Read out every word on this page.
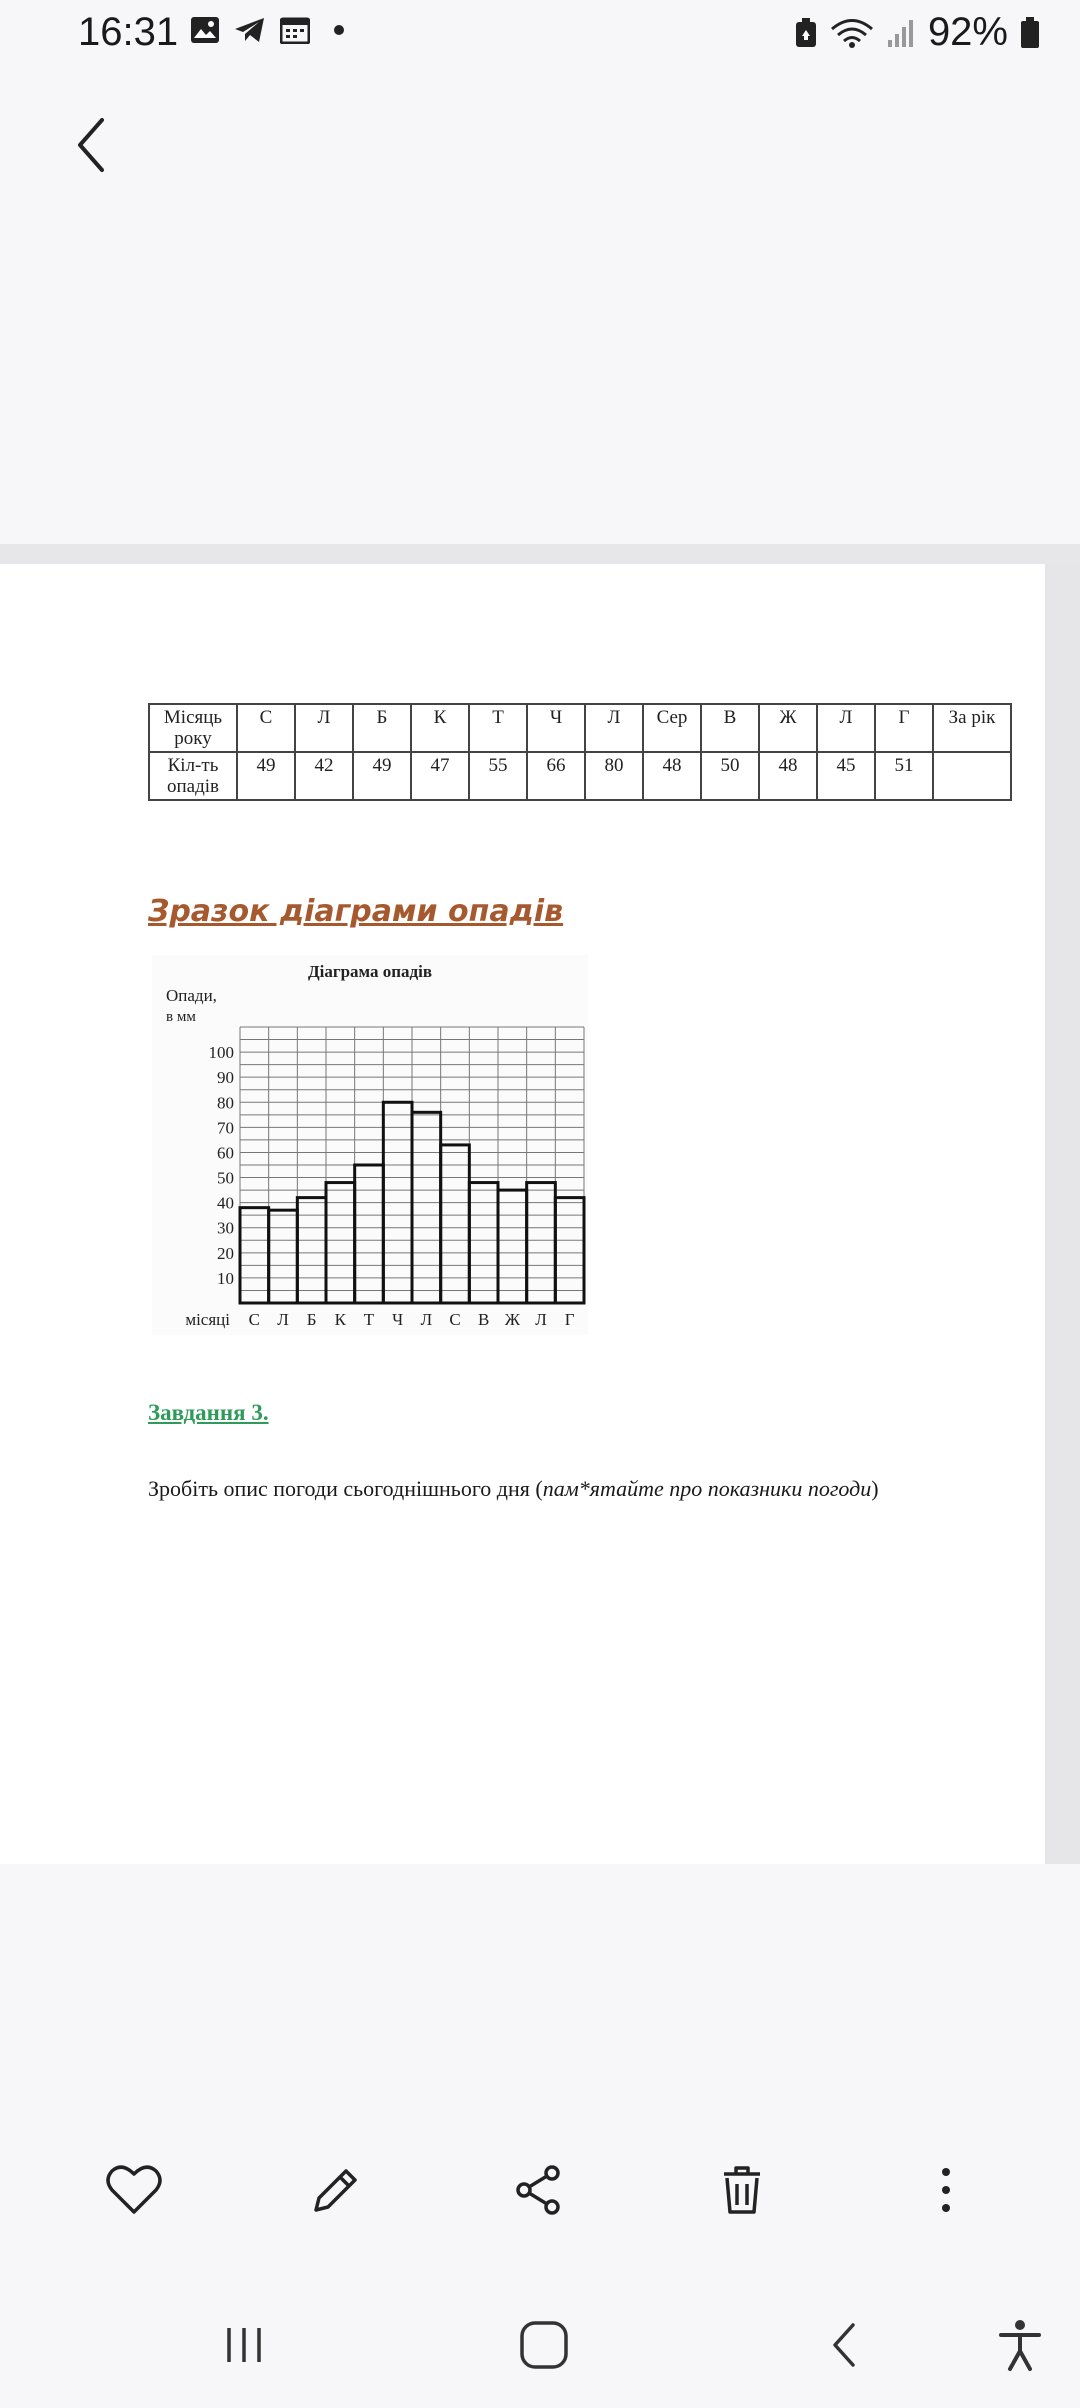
16:31	92%
Місяць року	С	Л	Б	К	Т	Ч	Л	Сер	В	Ж	Л	Г	За рік
Кіл-ть опадів	49	42	49	47	55	66	80	48	50	48	45	51	
Зразок діаграми опадів
10
20
30
40
50
60
70
80
90
100
С Л Б К Т Ч Л С В Ж Л Г
Діаграма опадів
Опади,
в мм
місяці
Завдання 3.
Зробіть опис погоди сьогоднішнього дня (пам*ятайте про показники погоди)
